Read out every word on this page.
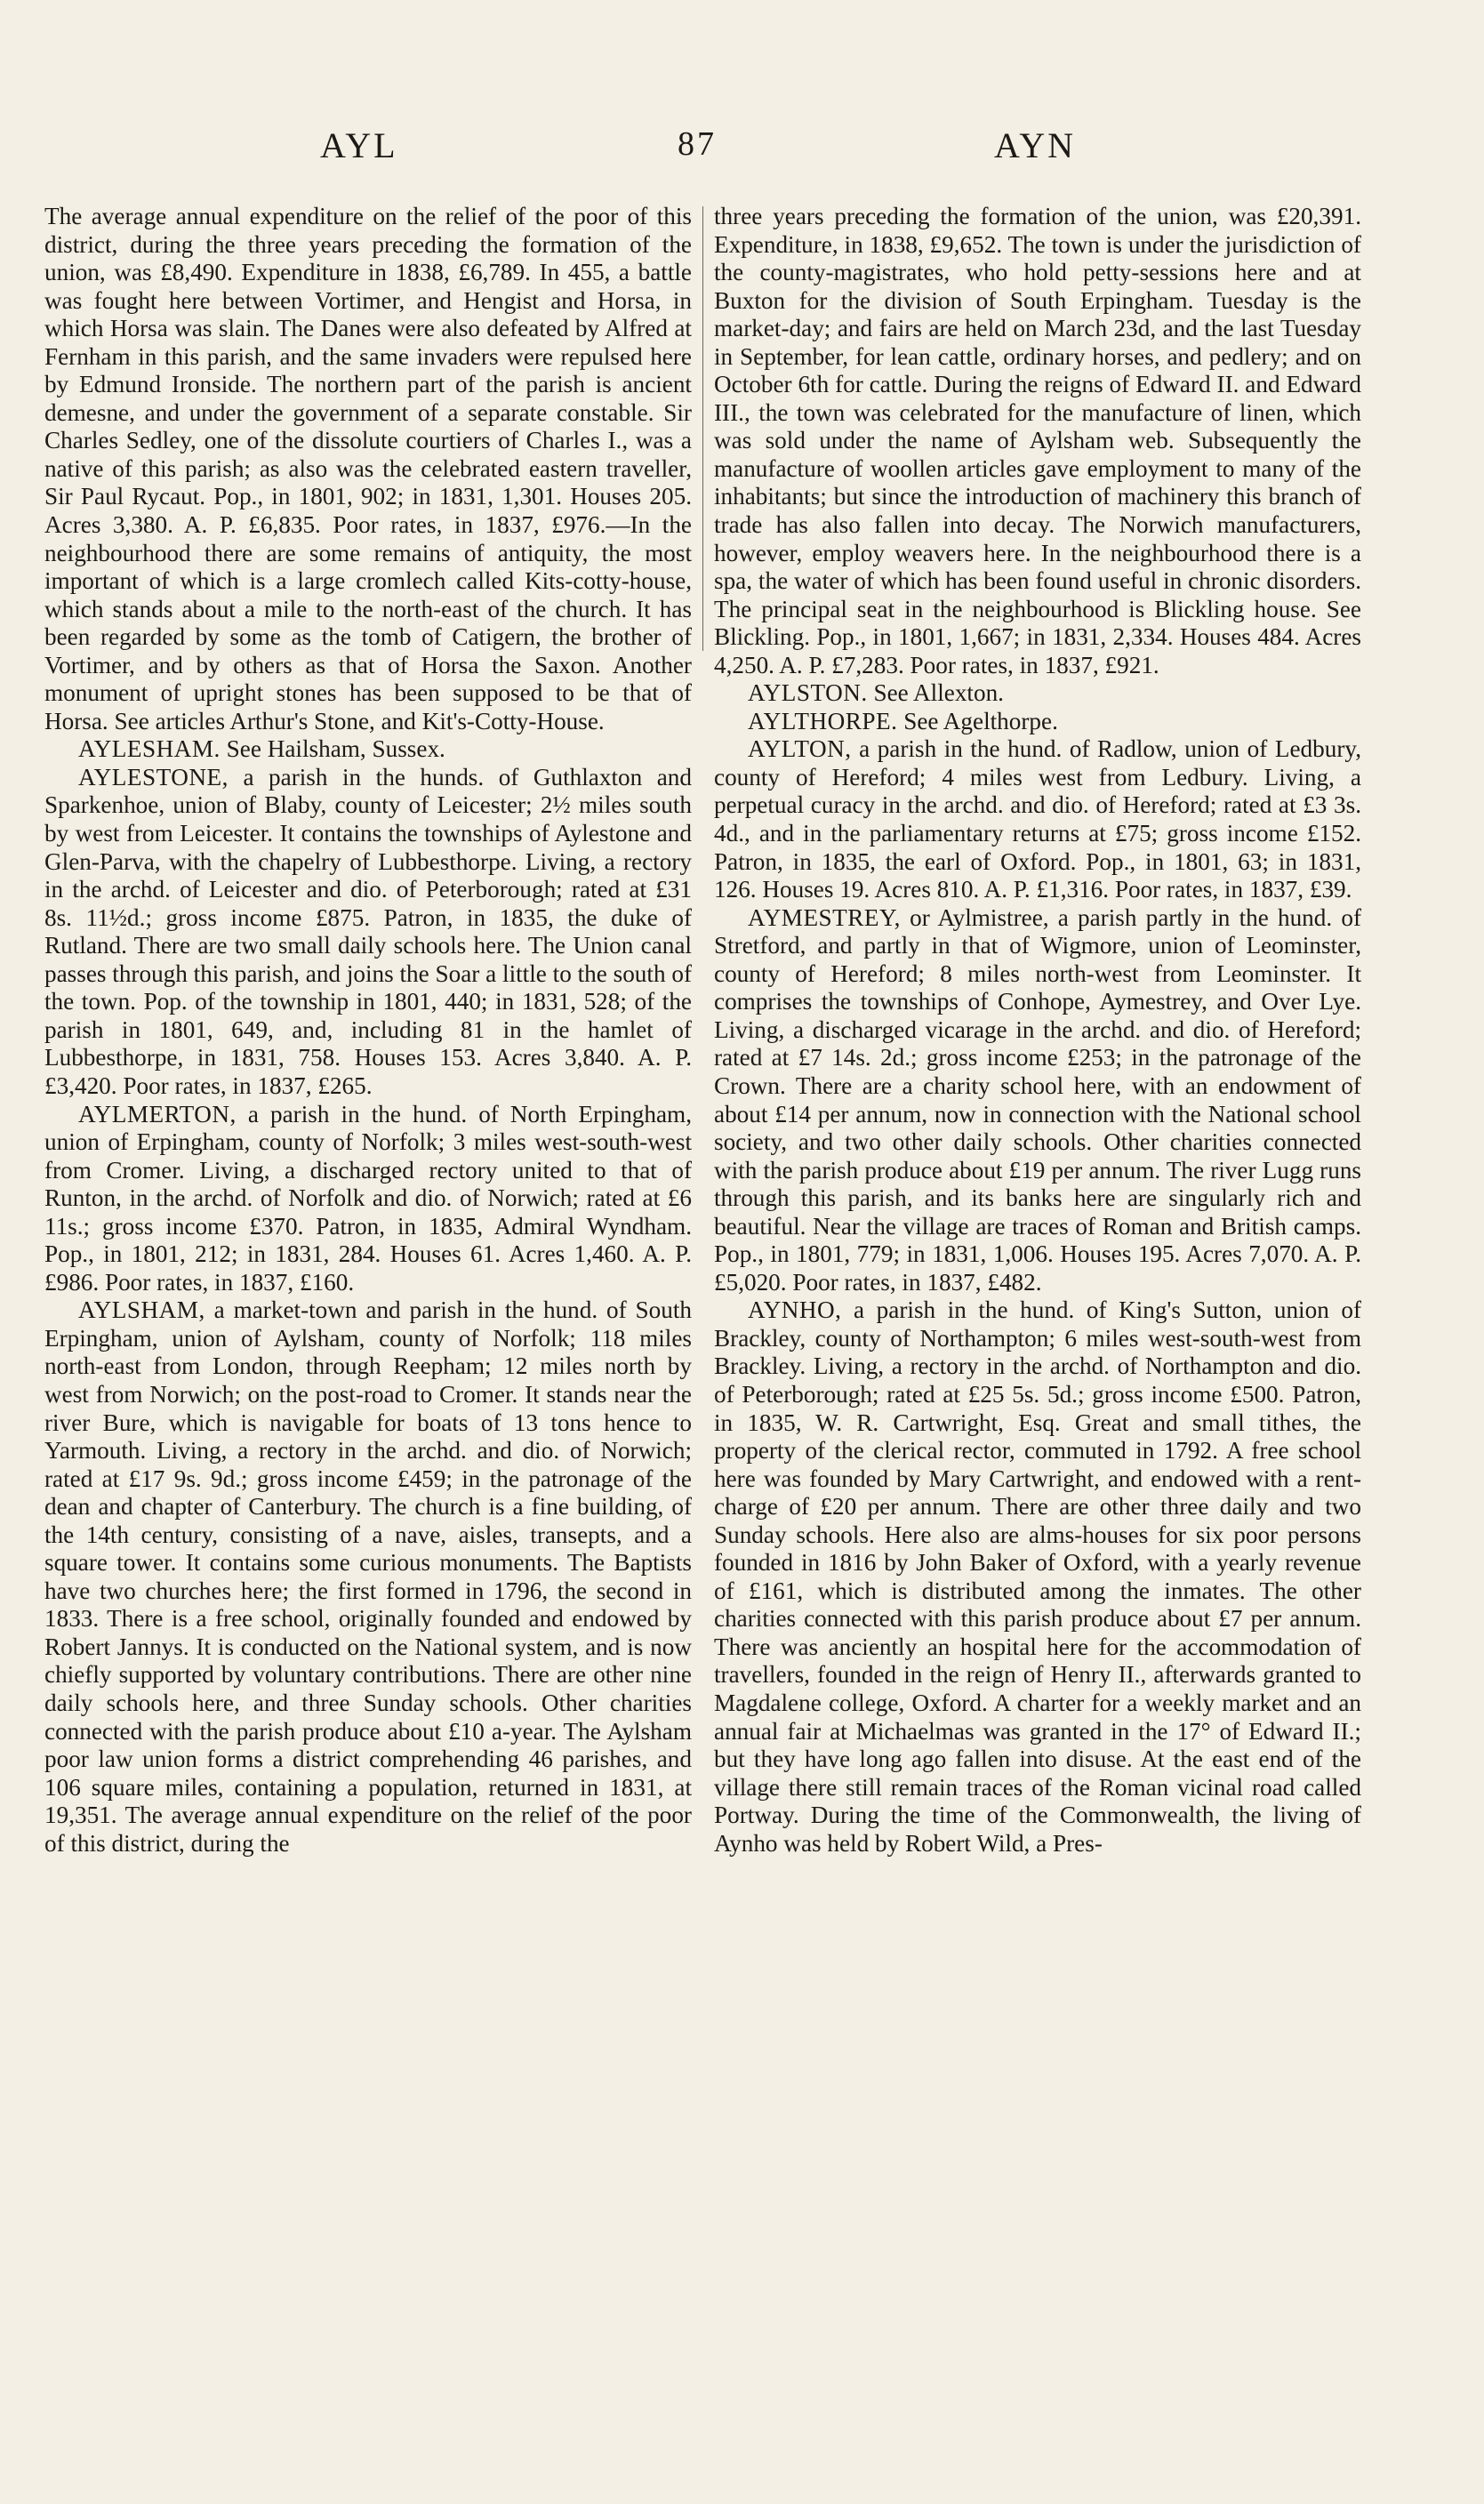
AYL	87	AYN

The average annual expenditure on the relief of the poor of this district, during the three years preceding the formation of the union, was £8,490. Expenditure in 1838, £6,789. In 455, a battle was fought here between Vortimer, and Hengist and Horsa, in which Horsa was slain. The Danes were also defeated by Alfred at Fernham in this parish, and the same invaders were repulsed here by Edmund Ironside. The northern part of the parish is ancient demesne, and under the government of a separate constable. Sir Charles Sedley, one of the dissolute courtiers of Charles I., was a native of this parish; as also was the celebrated eastern traveller, Sir Paul Rycaut. Pop., in 1801, 902; in 1831, 1,301. Houses 205. Acres 3,380. A. P. £6,835. Poor rates, in 1837, £976.—In the neighbourhood there are some remains of antiquity, the most important of which is a large cromlech called Kits-cotty-house, which stands about a mile to the north-east of the church. It has been regarded by some as the tomb of Catigern, the brother of Vortimer, and by others as that of Horsa the Saxon. Another monument of upright stones has been supposed to be that of Horsa. See articles Arthur's Stone, and Kit's-Cotty-House.

AYLESHAM. See Hailsham, Sussex.

AYLESTONE, a parish in the hunds. of Guthlaxton and Sparkenhoe, union of Blaby, county of Leicester; 2½ miles south by west from Leicester. It contains the townships of Aylestone and Glen-Parva, with the chapelry of Lubbesthorpe. Living, a rectory in the archd. of Leicester and dio. of Peterborough; rated at £31 8s. 11½d.; gross income £875. Patron, in 1835, the duke of Rutland. There are two small daily schools here. The Union canal passes through this parish, and joins the Soar a little to the south of the town. Pop. of the township in 1801, 440; in 1831, 528; of the parish in 1801, 649, and, including 81 in the hamlet of Lubbesthorpe, in 1831, 758. Houses 153. Acres 3,840. A. P. £3,420. Poor rates, in 1837, £265.

AYLMERTON, a parish in the hund. of North Erpingham, union of Erpingham, county of Norfolk; 3 miles west-south-west from Cromer. Living, a discharged rectory united to that of Runton, in the archd. of Norfolk and dio. of Norwich; rated at £6 11s.; gross income £370. Patron, in 1835, Admiral Wyndham. Pop., in 1801, 212; in 1831, 284. Houses 61. Acres 1,460. A. P. £986. Poor rates, in 1837, £160.

AYLSHAM, a market-town and parish in the hund. of South Erpingham, union of Aylsham, county of Norfolk; 118 miles north-east from London, through Reepham; 12 miles north by west from Norwich; on the post-road to Cromer. It stands near the river Bure, which is navigable for boats of 13 tons hence to Yarmouth. Living, a rectory in the archd. and dio. of Norwich; rated at £17 9s. 9d.; gross income £459; in the patronage of the dean and chapter of Canterbury. The church is a fine building, of the 14th century, consisting of a nave, aisles, transepts, and a square tower. It contains some curious monuments. The Baptists have two churches here; the first formed in 1796, the second in 1833. There is a free school, originally founded and endowed by Robert Jannys. It is conducted on the National system, and is now chiefly supported by voluntary contributions. There are other nine daily schools here, and three Sunday schools. Other charities connected with the parish produce about £10 a-year. The Aylsham poor law union forms a district comprehending 46 parishes, and 106 square miles, containing a population, returned in 1831, at 19,351. The average annual expenditure on the relief of the poor of this district, during the

three years preceding the formation of the union, was £20,391. Expenditure, in 1838, £9,652. The town is under the jurisdiction of the county-magistrates, who hold petty-sessions here and at Buxton for the division of South Erpingham. Tuesday is the market-day; and fairs are held on March 23d, and the last Tuesday in September, for lean cattle, ordinary horses, and pedlery; and on October 6th for cattle. During the reigns of Edward II. and Edward III., the town was celebrated for the manufacture of linen, which was sold under the name of Aylsham web. Subsequently the manufacture of woollen articles gave employment to many of the inhabitants; but since the introduction of machinery this branch of trade has also fallen into decay. The Norwich manufacturers, however, employ weavers here. In the neighbourhood there is a spa, the water of which has been found useful in chronic disorders. The principal seat in the neighbourhood is Blickling house. See Blickling. Pop., in 1801, 1,667; in 1831, 2,334. Houses 484. Acres 4,250. A. P. £7,283. Poor rates, in 1837, £921.

AYLSTON. See Allexton.

AYLTHORPE. See Agelthorpe.

AYLTON, a parish in the hund. of Radlow, union of Ledbury, county of Hereford; 4 miles west from Ledbury. Living, a perpetual curacy in the archd. and dio. of Hereford; rated at £3 3s. 4d., and in the parliamentary returns at £75; gross income £152. Patron, in 1835, the earl of Oxford. Pop., in 1801, 63; in 1831, 126. Houses 19. Acres 810. A. P. £1,316. Poor rates, in 1837, £39.

AYMESTREY, or Aylmistree, a parish partly in the hund. of Stretford, and partly in that of Wigmore, union of Leominster, county of Hereford; 8 miles north-west from Leominster. It comprises the townships of Conhope, Aymestrey, and Over Lye. Living, a discharged vicarage in the archd. and dio. of Hereford; rated at £7 14s. 2d.; gross income £253; in the patronage of the Crown. There are a charity school here, with an endowment of about £14 per annum, now in connection with the National school society, and two other daily schools. Other charities connected with the parish produce about £19 per annum. The river Lugg runs through this parish, and its banks here are singularly rich and beautiful. Near the village are traces of Roman and British camps. Pop., in 1801, 779; in 1831, 1,006. Houses 195. Acres 7,070. A. P. £5,020. Poor rates, in 1837, £482.

AYNHO, a parish in the hund. of King's Sutton, union of Brackley, county of Northampton; 6 miles west-south-west from Brackley. Living, a rectory in the archd. of Northampton and dio. of Peterborough; rated at £25 5s. 5d.; gross income £500. Patron, in 1835, W. R. Cartwright, Esq. Great and small tithes, the property of the clerical rector, commuted in 1792. A free school here was founded by Mary Cartwright, and endowed with a rent-charge of £20 per annum. There are other three daily and two Sunday schools. Here also are alms-houses for six poor persons founded in 1816 by John Baker of Oxford, with a yearly revenue of £161, which is distributed among the inmates. The other charities connected with this parish produce about £7 per annum. There was anciently an hospital here for the accommodation of travellers, founded in the reign of Henry II., afterwards granted to Magdalene college, Oxford. A charter for a weekly market and an annual fair at Michaelmas was granted in the 17° of Edward II.; but they have long ago fallen into disuse. At the east end of the village there still remain traces of the Roman vicinal road called Portway. During the time of the Commonwealth, the living of Aynho was held by Robert Wild, a Pres-
